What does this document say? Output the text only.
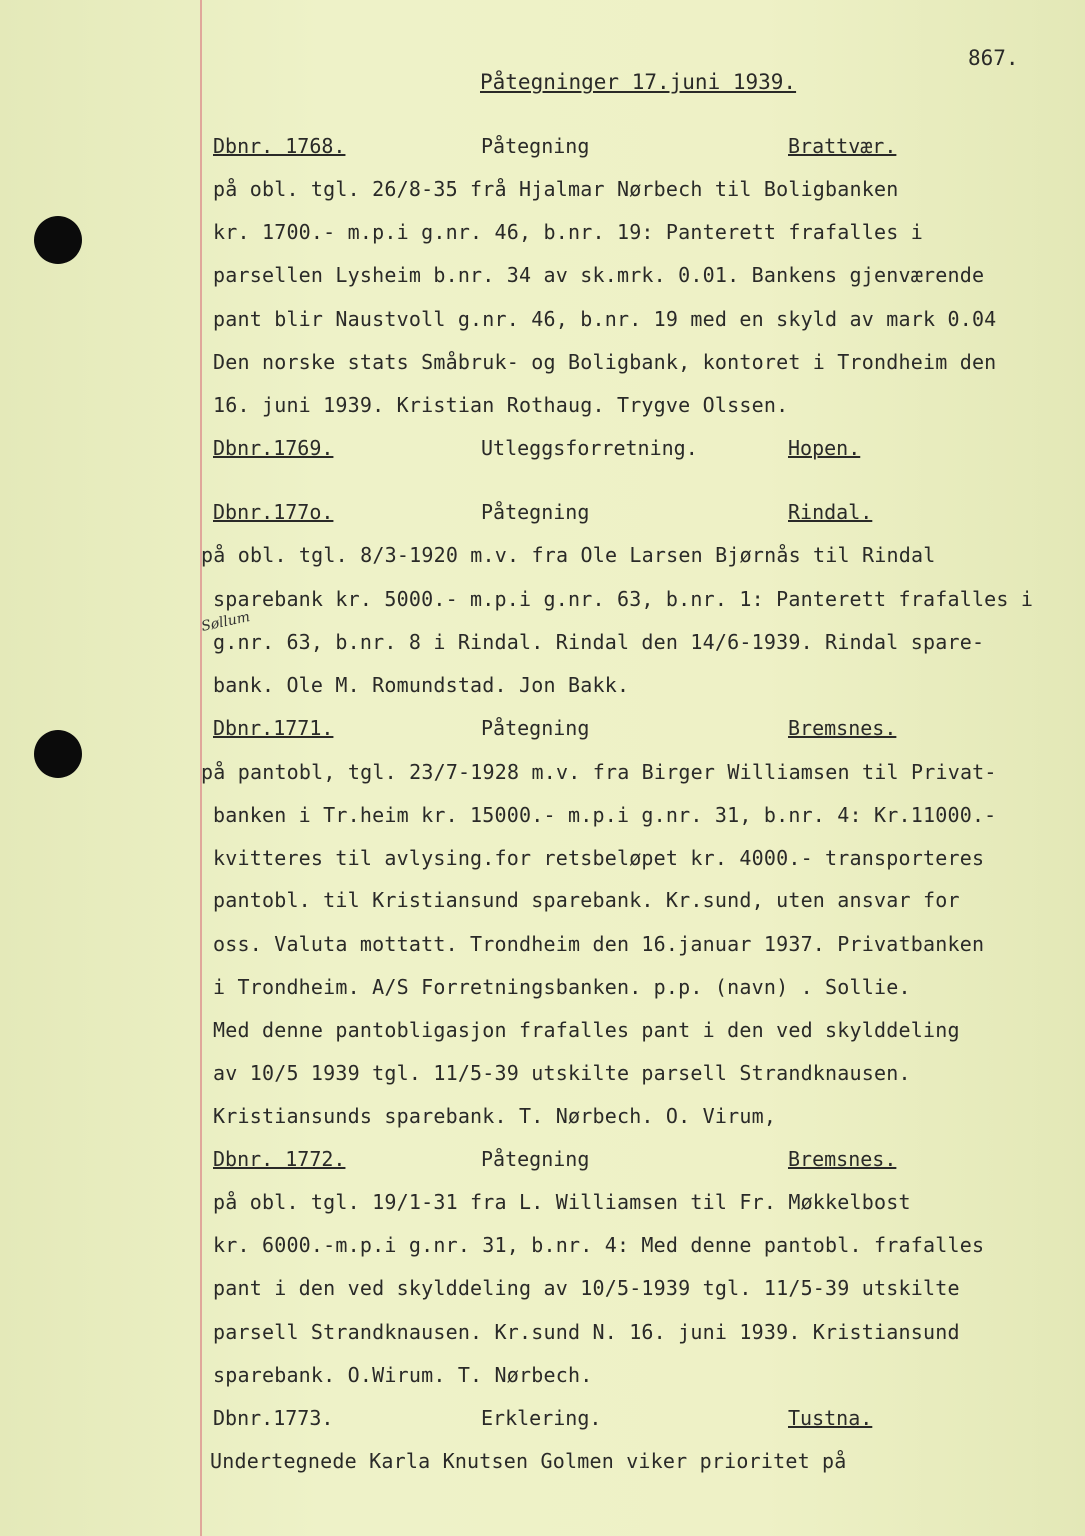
867.
Påtegninger 17.juni 1939.
Dbnr. 1768.	Påtegning	Brattvær.
på obl. tgl. 26/8-35 frå Hjalmar Nørbech til Boligbanken
kr. 1700.- m.p.i g.nr. 46, b.nr. 19: Panterett frafalles i
parsellen Lysheim b.nr. 34 av sk.mrk. 0.01. Bankens gjenværende
pant blir Naustvoll g.nr. 46, b.nr. 19 med en skyld av mark 0.04
Den norske stats Småbruk- og Boligbank, kontoret i Trondheim den
16. juni 1939. Kristian Rothaug. Trygve Olssen.
Dbnr.1769.	Utleggsforretning.	Hopen.
Dbnr.177o.	Påtegning	Rindal.
på obl. tgl. 8/3-1920 m.v. fra Ole Larsen Bjørnås til Rindal
sparebank kr. 5000.- m.p.i g.nr. 63, b.nr. 1: Panterett frafalles i
Søllum
g.nr. 63, b.nr. 8 i Rindal. Rindal den 14/6-1939. Rindal spare-
bank. Ole M. Romundstad. Jon Bakk.
Dbnr.1771.	Påtegning	Bremsnes.
på pantobl, tgl. 23/7-1928 m.v. fra Birger Williamsen til Privat-
banken i Tr.heim kr. 15000.- m.p.i g.nr. 31, b.nr. 4: Kr.11000.-
kvitteres til avlysing.for retsbeløpet kr. 4000.- transporteres
pantobl. til Kristiansund sparebank. Kr.sund, uten ansvar for
oss. Valuta mottatt. Trondheim den 16.januar 1937. Privatbanken
i Trondheim. A/S Forretningsbanken. p.p. (navn) . Sollie.
Med denne pantobligasjon frafalles pant i den ved skylddeling
av 10/5 1939 tgl. 11/5-39 utskilte parsell Strandknausen.
Kristiansunds sparebank. T. Nørbech. O. Virum,
Dbnr. 1772.	Påtegning	Bremsnes.
på obl. tgl. 19/1-31 fra L. Williamsen til Fr. Møkkelbost
kr. 6000.-m.p.i g.nr. 31, b.nr. 4: Med denne pantobl. frafalles
pant i den ved skylddeling av 10/5-1939 tgl. 11/5-39 utskilte
parsell Strandknausen. Kr.sund N. 16. juni 1939. Kristiansund
sparebank. O.Wirum. T. Nørbech.
Dbnr.1773.	Erklering.	Tustna.
Undertegnede Karla Knutsen Golmen viker prioritet på
